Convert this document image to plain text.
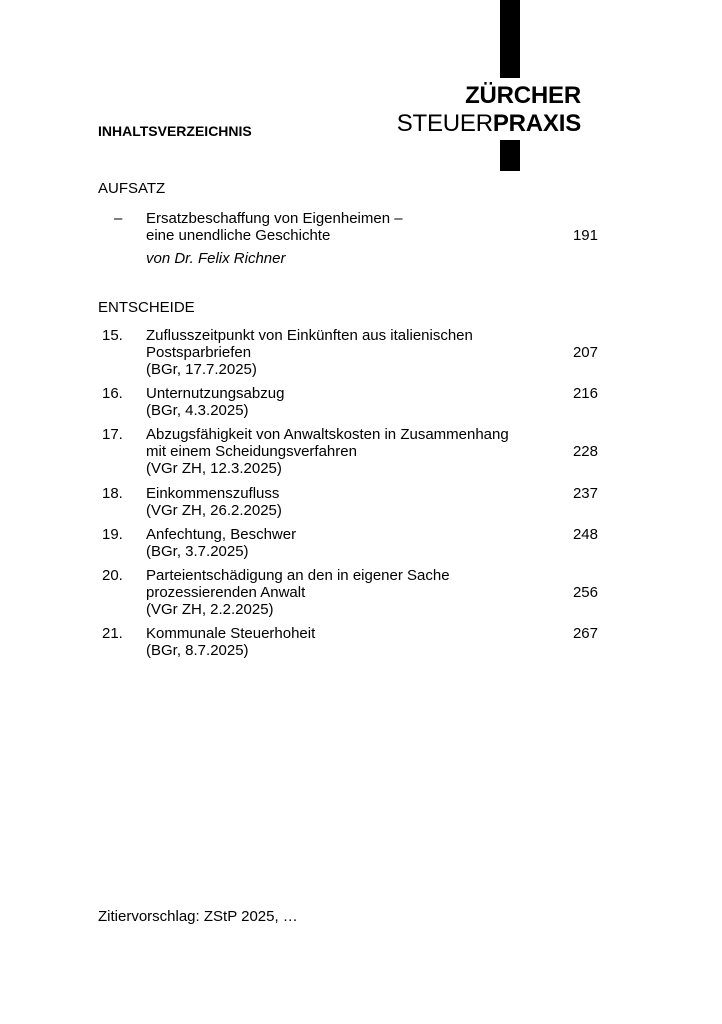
ZÜRCHER
STEUERPRAXIS
INHALTSVERZEICHNIS
AUFSATZ
– Ersatzbeschaffung von Eigenheimen –
eine unendliche Geschichte
von Dr. Felix Richner
191
ENTSCHEIDE
15. Zuflusszeitpunkt von Einkünften aus italienischen
Postsparbriefen
(BGr, 17.7.2025)
207
16. Unternutzungsabzug
(BGr, 4.3.2025)
216
17. Abzugsfähigkeit von Anwaltskosten in Zusammenhang
mit einem Scheidungsverfahren
(VGr ZH, 12.3.2025)
228
18. Einkommenszufluss
(VGr ZH, 26.2.2025)
237
19. Anfechtung, Beschwer
(BGr, 3.7.2025)
248
20. Parteientschädigung an den in eigener Sache
prozessierenden Anwalt
(VGr ZH, 2.2.2025)
256
21. Kommunale Steuerhoheit
(BGr, 8.7.2025)
267
Zitiervorschlag: ZStP 2025, …
